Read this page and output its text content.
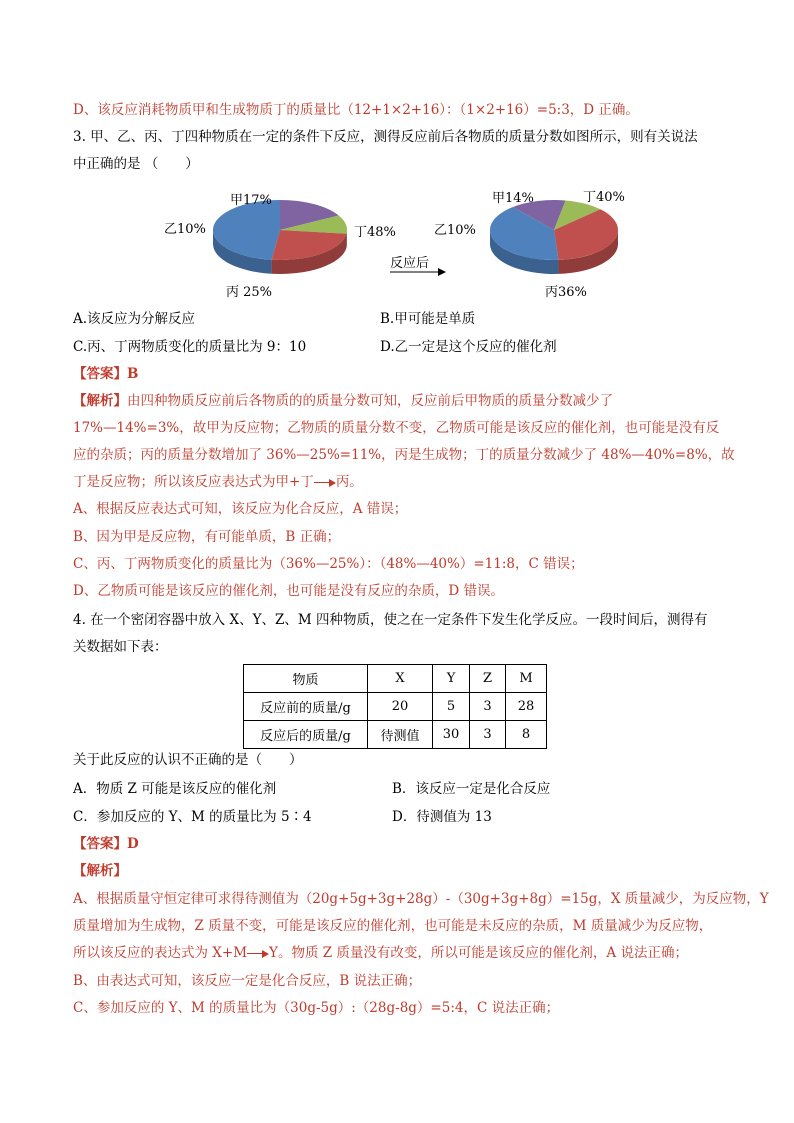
D、该反应消耗物质甲和生成物质丁的质量比（12+1×2+16）：（1×2+16）=5:3，D 正确。
3. 甲、乙、丙、丁四种物质在一定的条件下反应，测得反应前后各物质的质量分数如图所示，则有关说法
中正确的是 （　　）
反应后
甲17%
乙10%
丙 25%
丁48%
甲14%
乙10%
丙36%
丁40%
A.该反应为分解反应	B.甲可能是单质
C.丙、丁两物质变化的质量比为 9：10	D.乙一定是这个反应的催化剂
【答案】B
【解析】由四种物质反应前后各物质的的质量分数可知，反应前后甲物质的质量分数减少了
17%—14%=3%，故甲为反应物；乙物质的质量分数不变，乙物质可能是该反应的催化剂，也可能是没有反
应的杂质；丙的质量分数增加了 36%—25%=11%，丙是生成物；丁的质量分数减少了 48%—40%=8%，故
丁是反应物；所以该反应表达式为甲+丁 丙。
A、根据反应表达式可知，该反应为化合反应，A 错误；
B、因为甲是反应物，有可能单质，B 正确；
C、丙、丁两物质变化的质量比为（36%—25%）：（48%—40%）=11:8，C 错误；
D、乙物质可能是该反应的催化剂，也可能是没有反应的杂质，D 错误。
4. 在一个密闭容器中放入 X、Y、Z、M 四种物质，使之在一定条件下发生化学反应。一段时间后，测得有
关数据如下表：
物质	X	Y	Z	M
反应前的质量/g	20	5	3	28
反应后的质量/g	待测值	30	3	8
关于此反应的认识不正确的是（　　）
A．物质 Z 可能是该反应的催化剂	B．该反应一定是化合反应
C．参加反应的 Y、M 的质量比为 5∶4	D．待测值为 13
【答案】D
【解析】
A、根据质量守恒定律可求得待测值为（20g+5g+3g+28g）-（30g+3g+8g）=15g，X 质量减少，为反应物，Y
质量增加为生成物，Z 质量不变，可能是该反应的催化剂，也可能是未反应的杂质，M 质量减少为反应物，
所以该反应的表达式为 X+M Y。物质 Z 质量没有改变，所以可能是该反应的催化剂，A 说法正确；
B、由表达式可知，该反应一定是化合反应，B 说法正确；
C、参加反应的 Y、M 的质量比为（30g-5g）:（28g-8g）=5:4，C 说法正确；
